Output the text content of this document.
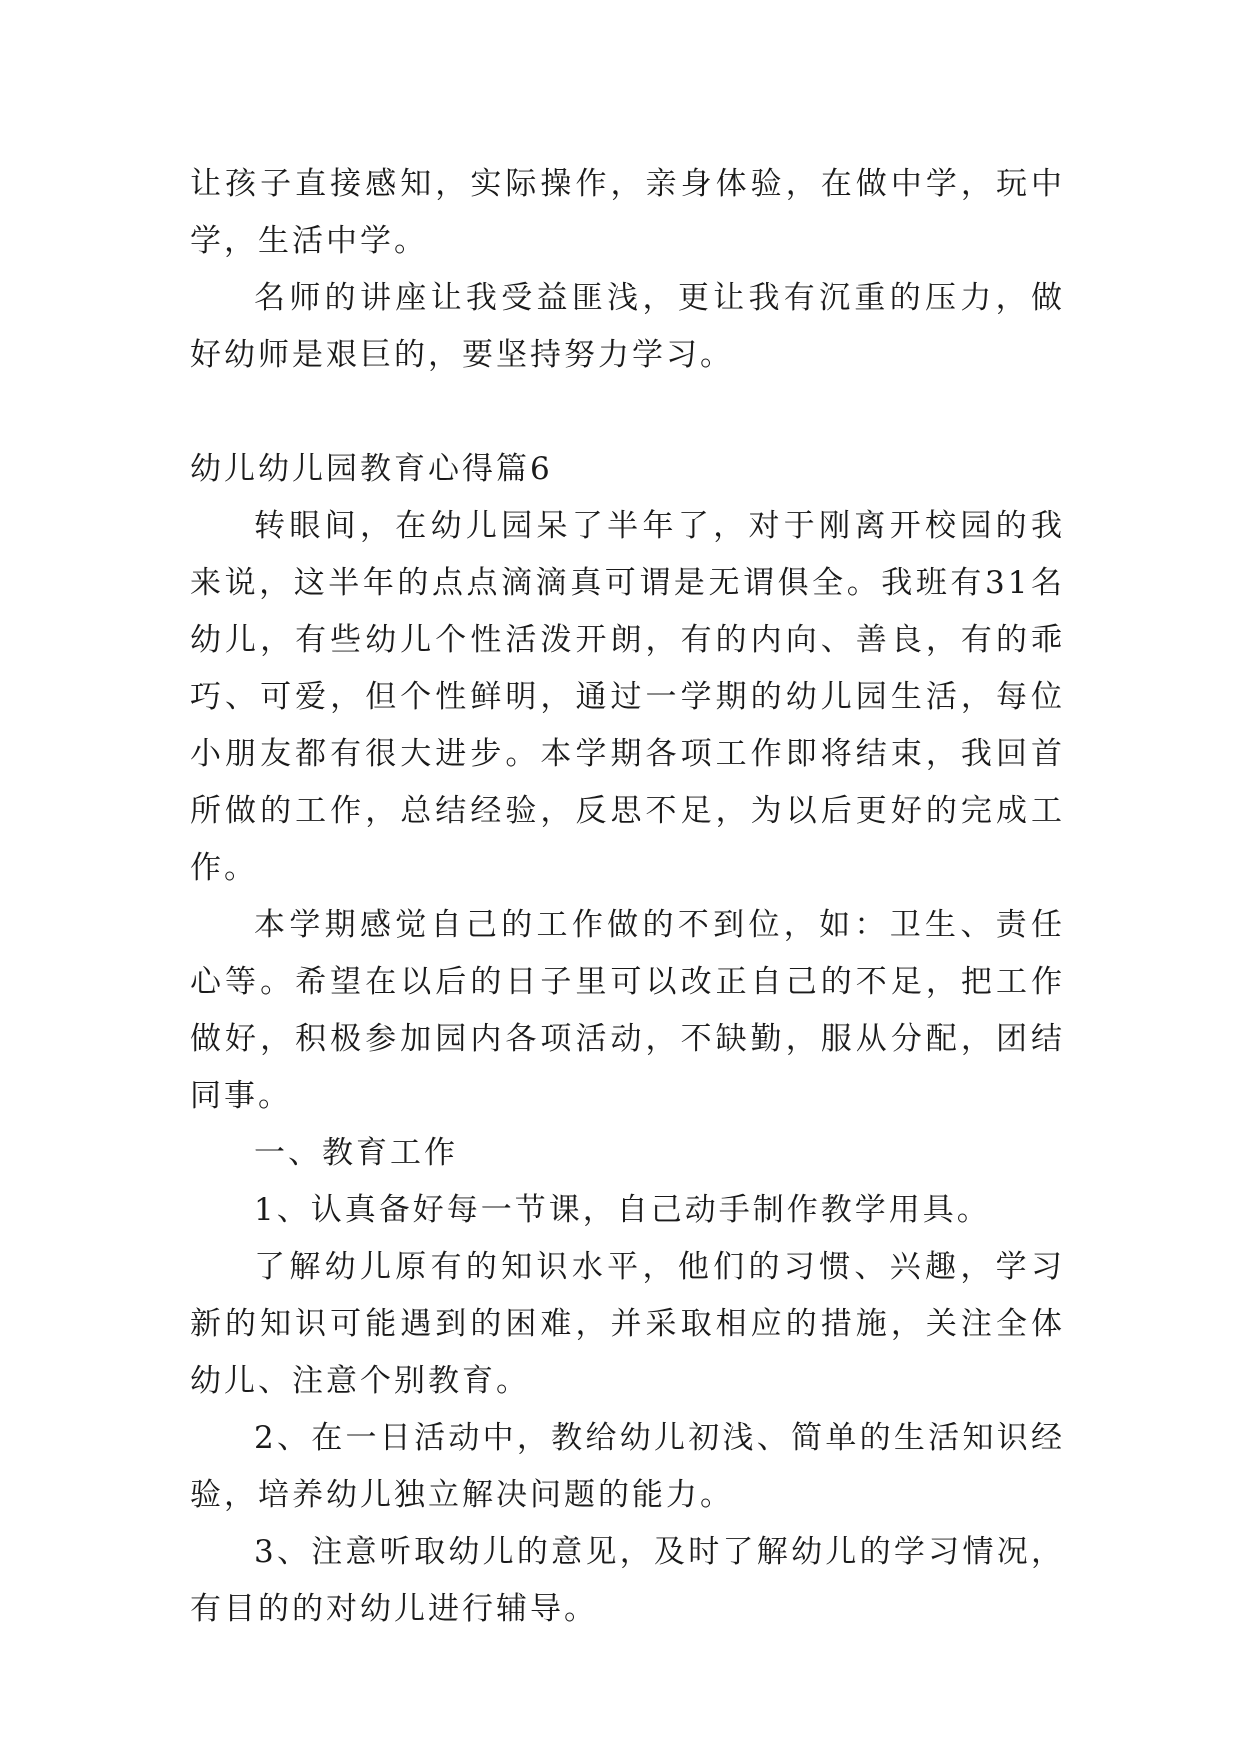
让孩子直接感知，实际操作，亲身体验，在做中学，玩中学，生活中学。

名师的讲座让我受益匪浅，更让我有沉重的压力，做好幼师是艰巨的，要坚持努力学习。

幼儿幼儿园教育心得篇6

转眼间，在幼儿园呆了半年了，对于刚离开校园的我来说，这半年的点点滴滴真可谓是无谓俱全。我班有31名幼儿，有些幼儿个性活泼开朗，有的内向、善良，有的乖巧、可爱，但个性鲜明，通过一学期的幼儿园生活，每位小朋友都有很大进步。本学期各项工作即将结束，我回首所做的工作，总结经验，反思不足，为以后更好的完成工作。

本学期感觉自己的工作做的不到位，如：卫生、责任心等。希望在以后的日子里可以改正自己的不足，把工作做好，积极参加园内各项活动，不缺勤，服从分配，团结同事。

一、教育工作

1、认真备好每一节课，自己动手制作教学用具。

了解幼儿原有的知识水平，他们的习惯、兴趣，学习新的知识可能遇到的困难，并采取相应的措施，关注全体幼儿、注意个别教育。

2、在一日活动中，教给幼儿初浅、简单的生活知识经验，培养幼儿独立解决问题的能力。

3、注意听取幼儿的意见，及时了解幼儿的学习情况，有目的的对幼儿进行辅导。
